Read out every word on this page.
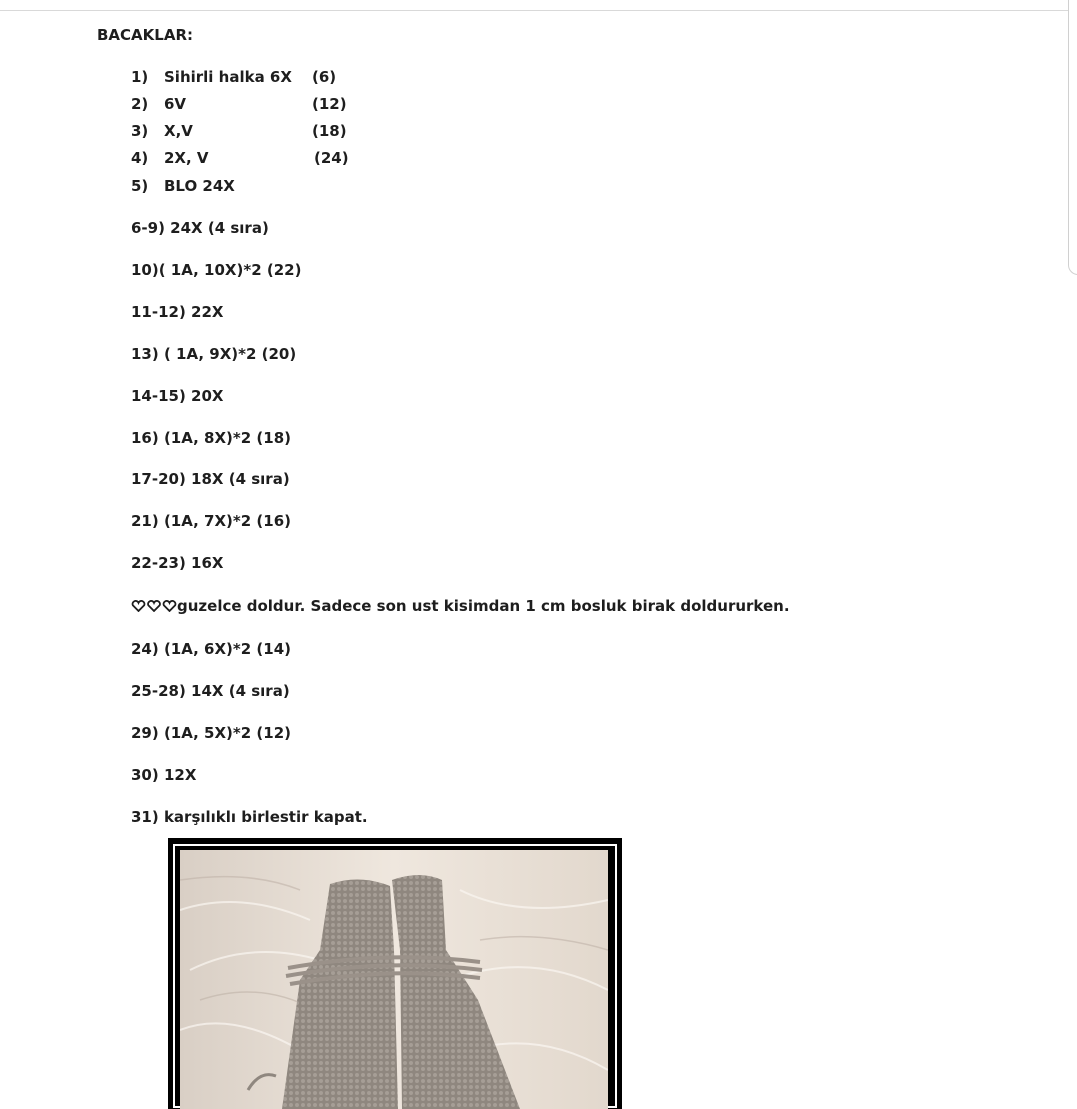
BACAKLAR:
1) Sihirli halka 6X (6)
2) 6V	(12)
3) X,V	(18)
4) 2X, V	(24)
5) BLO 24X
6-9) 24X (4 sıra)
10)( 1A, 10X)*2 (22)
11-12) 22X
13) ( 1A, 9X)*2 (20)
14-15) 20X
16) (1A, 8X)*2 (18)
17-20) 18X (4 sıra)
21) (1A, 7X)*2 (16)
22-23) 16X
guzelce doldur. Sadece son ust kisimdan 1 cm bosluk birak doldururken.
24) (1A, 6X)*2 (14)
25-28) 14X (4 sıra)
29) (1A, 5X)*2 (12)
30) 12X
31) karşılıklı birlestir kapat.
